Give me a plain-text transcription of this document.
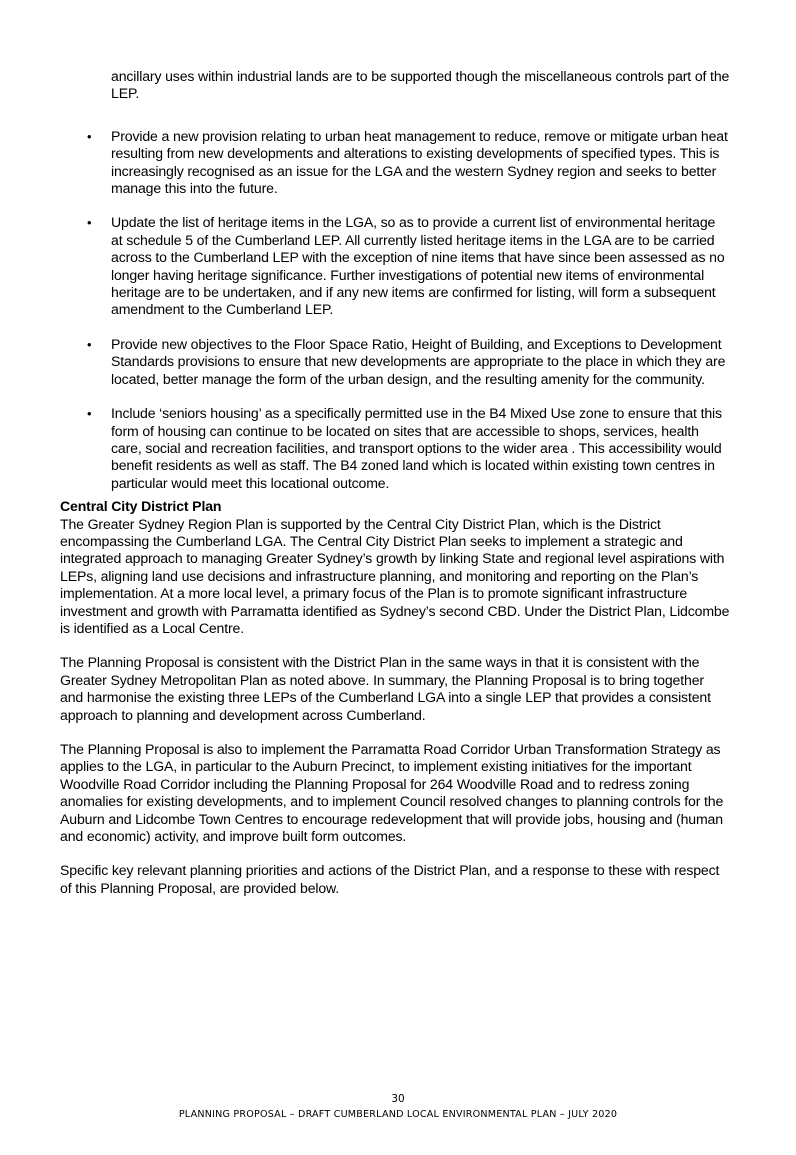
ancillary uses within industrial lands are to be supported though the miscellaneous controls part of the LEP.
• Provide a new provision relating to urban heat management to reduce, remove or mitigate urban heat resulting from new developments and alterations to existing developments of specified types. This is increasingly recognised as an issue for the LGA and the western Sydney region and seeks to better manage this into the future.
• Update the list of heritage items in the LGA, so as to provide a current list of environmental heritage at schedule 5 of the Cumberland LEP. All currently listed heritage items in the LGA are to be carried across to the Cumberland LEP with the exception of nine items that have since been assessed as no longer having heritage significance. Further investigations of potential new items of environmental heritage are to be undertaken, and if any new items are confirmed for listing, will form a subsequent amendment to the Cumberland LEP.
• Provide new objectives to the Floor Space Ratio, Height of Building, and Exceptions to Development Standards provisions to ensure that new developments are appropriate to the place in which they are located, better manage the form of the urban design, and the resulting amenity for the community.
• Include ‘seniors housing’ as a specifically permitted use in the B4 Mixed Use zone to ensure that this form of housing can continue to be located on sites that are accessible to shops, services, health care, social and recreation facilities, and transport options to the wider area . This accessibility would benefit residents as well as staff. The B4 zoned land which is located within existing town centres in particular would meet this locational outcome.
Central City District Plan

The Greater Sydney Region Plan is supported by the Central City District Plan, which is the District encompassing the Cumberland LGA. The Central City District Plan seeks to implement a strategic and integrated approach to managing Greater Sydney’s growth by linking State and regional level aspirations with LEPs, aligning land use decisions and infrastructure planning, and monitoring and reporting on the Plan’s implementation. At a more local level, a primary focus of the Plan is to promote significant infrastructure investment and growth with Parramatta identified as Sydney’s second CBD. Under the District Plan, Lidcombe is identified as a Local Centre.

The Planning Proposal is consistent with the District Plan in the same ways in that it is consistent with the Greater Sydney Metropolitan Plan as noted above. In summary, the Planning Proposal is to bring together and harmonise the existing three LEPs of the Cumberland LGA into a single LEP that provides a consistent approach to planning and development across Cumberland.

The Planning Proposal is also to implement the Parramatta Road Corridor Urban Transformation Strategy as applies to the LGA, in particular to the Auburn Precinct, to implement existing initiatives for the important Woodville Road Corridor including the Planning Proposal for 264 Woodville Road and to redress zoning anomalies for existing developments, and to implement Council resolved changes to planning controls for the Auburn and Lidcombe Town Centres to encourage redevelopment that will provide jobs, housing and (human and economic) activity, and improve built form outcomes.

Specific key relevant planning priorities and actions of the District Plan, and a response to these with respect of this Planning Proposal, are provided below.

30
PLANNING PROPOSAL – DRAFT CUMBERLAND LOCAL ENVIRONMENTAL PLAN – JULY 2020
